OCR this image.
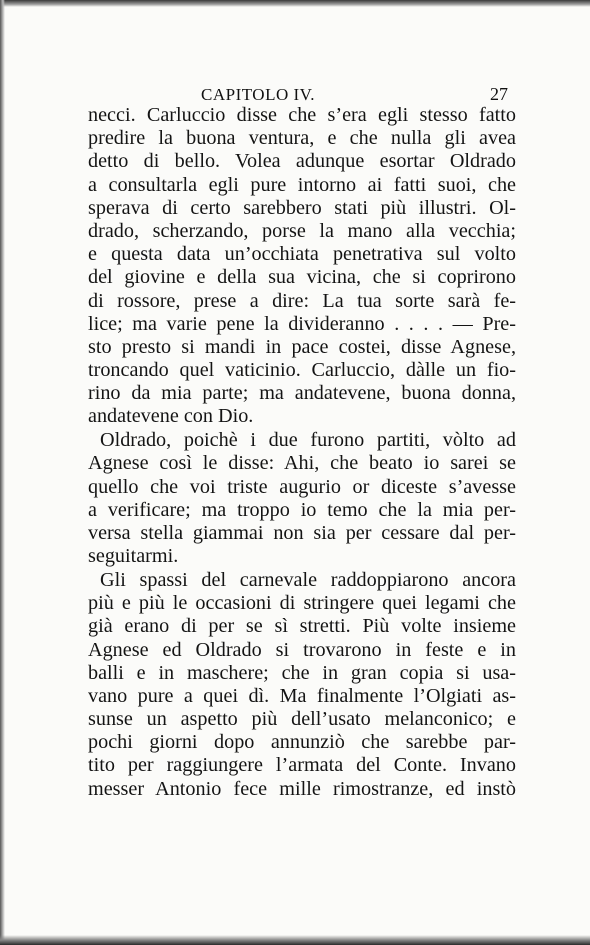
CAPITOLO IV.	27
necci. Carluccio disse che s’era egli stesso fatto
predire la buona ventura, e che nulla gli avea
detto di bello. Volea adunque esortar Oldrado
a consultarla egli pure intorno ai fatti suoi, che
sperava di certo sarebbero stati più illustri. Ol-
drado, scherzando, porse la mano alla vecchia;
e questa data un’occhiata penetrativa sul volto
del giovine e della sua vicina, che si coprirono
di rossore, prese a dire: La tua sorte sarà fe-
lice; ma varie pene la divideranno . . . . — Pre-
sto presto si mandi in pace costei, disse Agnese,
troncando quel vaticinio. Carluccio, dàlle un fio-
rino da mia parte; ma andatevene, buona donna,
andatevene con Dio.
Oldrado, poichè i due furono partiti, vòlto ad
Agnese così le disse: Ahi, che beato io sarei se
quello che voi triste augurio or diceste s’avesse
a verificare; ma troppo io temo che la mia per-
versa stella giammai non sia per cessare dal per-
seguitarmi.
Gli spassi del carnevale raddoppiarono ancora
più e più le occasioni di stringere quei legami che
già erano di per se sì stretti. Più volte insieme
Agnese ed Oldrado si trovarono in feste e in
balli e in maschere; che in gran copia si usa-
vano pure a quei dì. Ma finalmente l’Olgiati as-
sunse un aspetto più dell’usato melanconico; e
pochi giorni dopo annunziò che sarebbe par-
tito per raggiungere l’armata del Conte. Invano
messer Antonio fece mille rimostranze, ed instò
